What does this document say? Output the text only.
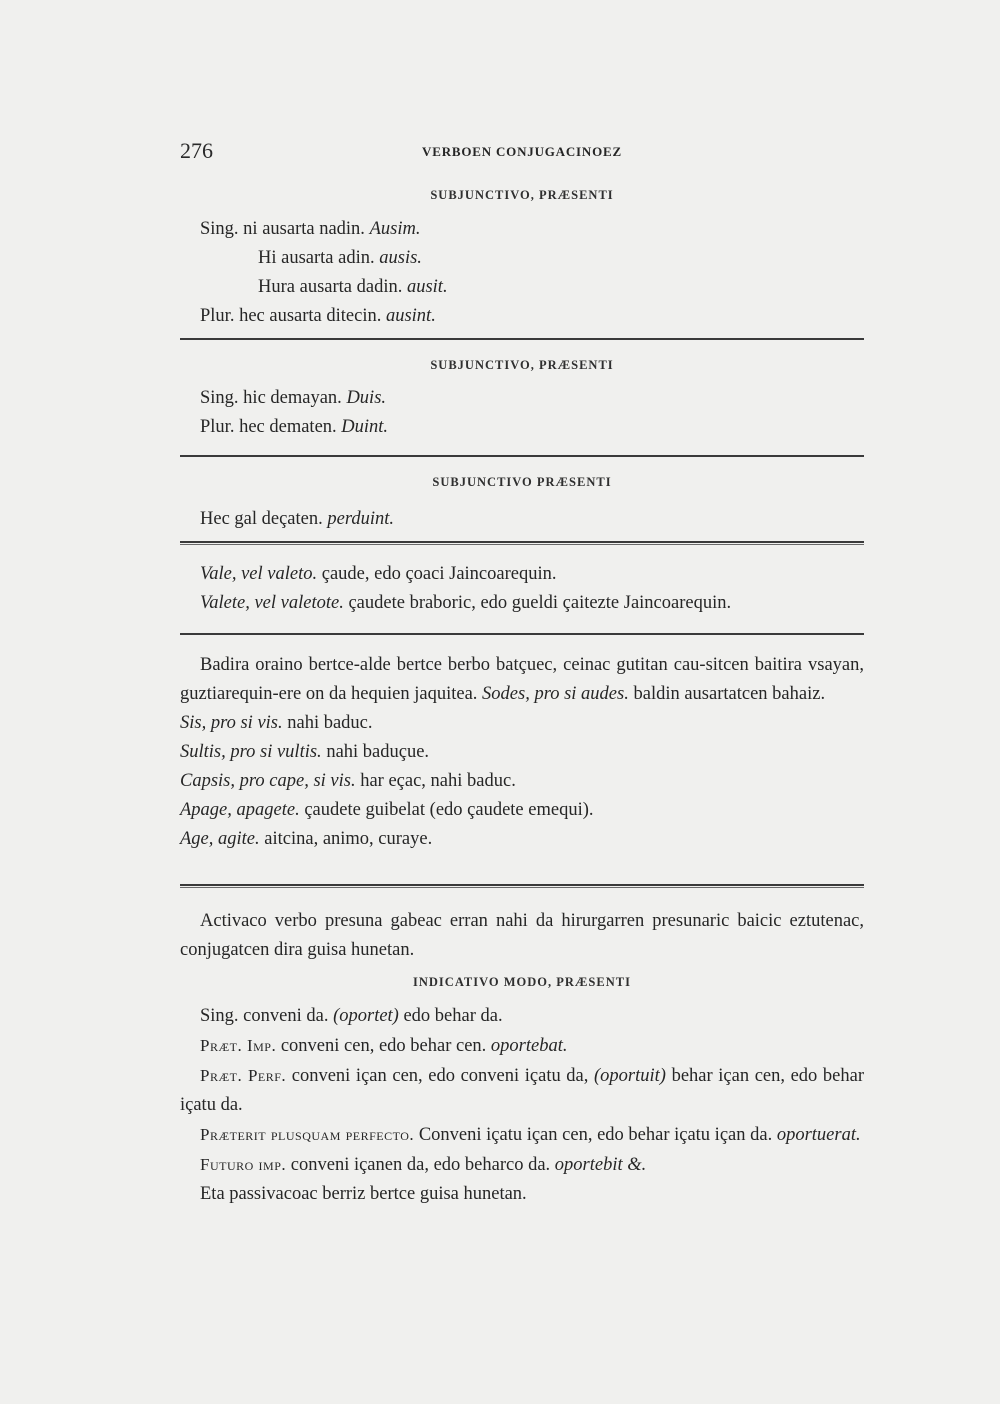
276	VERBOEN CONJUGACINOEZ
SUBJUNCTIVO, PRÆSENTI
Sing. ni ausarta nadin. Ausim.
Hi ausarta adin. ausis.
Hura ausarta dadin. ausit.
Plur. hec ausarta ditecin. ausint.
SUBJUNCTIVO, PRÆSENTI
Sing. hic demayan. Duis.
Plur. hec dematen. Duint.
SUBJUNCTIVO PRÆSENTI
Hec gal deçaten. perduint.
Vale, vel valeto. çaude, edo çoaci Jaincoarequin.
Valete, vel valetote. çaudete braboric, edo gueldi çaitezte Jaincoarequin.
Badira oraino bertce-alde bertce berbo batçuec, ceinac gutitan cau-sitcen baitira vsayan, guztiarequin-ere on da hequien jaquitea. Sodes, pro si audes. baldin ausartatcen bahaiz.
Sis, pro si vis. nahi baduc.
Sultis, pro si vultis. nahi baduçue.
Capsis, pro cape, si vis. har eçac, nahi baduc.
Apage, apagete. çaudete guibelat (edo çaudete emequi).
Age, agite. aitcina, animo, curaye.
Activaco verbo presuna gabeac erran nahi da hirurgarren presunaric baicic eztutenac, conjugatcen dira guisa hunetan.
INDICATIVO MODO, PRÆSENTI
Sing. conveni da. (oportet) edo behar da.
Præt. Imp. conveni cen, edo behar cen. oportebat.
Præt. Perf. conveni içan cen, edo conveni içatu da, (oportuit) behar içan cen, edo behar içatu da.
Præterit plusquam perfecto. Conveni içatu içan cen, edo behar içatu içan da. oportuerat.
Futuro imp. conveni içanen da, edo beharco da. oportebit &.
Eta passivacoac berriz bertce guisa hunetan.
